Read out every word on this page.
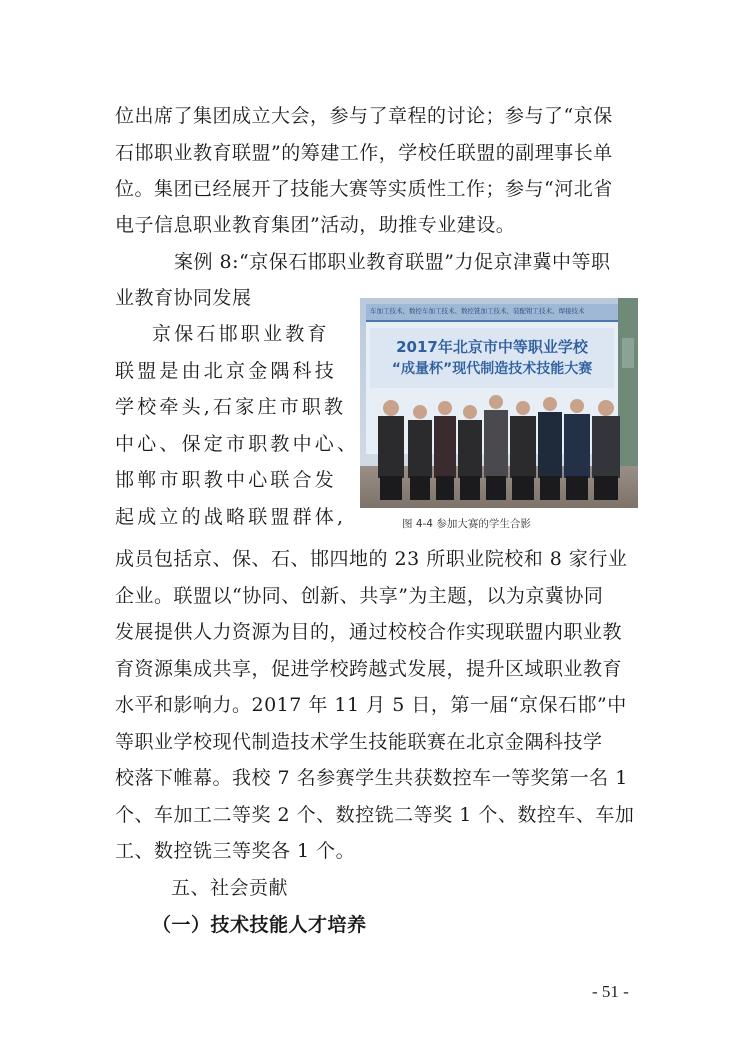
位出席了集团成立大会，参与了章程的讨论；参与了“京保
石邯职业教育联盟”的筹建工作，学校任联盟的副理事长单
位。集团已经展开了技能大赛等实质性工作；参与“河北省
电子信息职业教育集团”活动，助推专业建设。
案例 8:“京保石邯职业教育联盟”力促京津冀中等职
业教育协同发展
京保石邯职业教育
联盟是由北京金隅科技
学校牵头,石家庄市职教
中心、保定市职教中心、
邯郸市职教中心联合发
起成立的战略联盟群体,
车加工技术、数控车加工技术、数控铣加工技术、装配钳工技术、焊接技术
2017年北京市中等职业学校
“成量杯”现代制造技术技能大赛
图 4-4 参加大赛的学生合影
成员包括京、保、石、邯四地的 23 所职业院校和 8 家行业
企业。联盟以“协同、创新、共享”为主题，以为京冀协同
发展提供人力资源为目的，通过校校合作实现联盟内职业教
育资源集成共享，促进学校跨越式发展，提升区域职业教育
水平和影响力。2017 年 11 月 5 日，第一届“京保石邯”中
等职业学校现代制造技术学生技能联赛在北京金隅科技学
校落下帷幕。我校 7 名参赛学生共获数控车一等奖第一名 1
个、车加工二等奖 2 个、数控铣二等奖 1 个、数控车、车加
工、数控铣三等奖各 1 个。
五、社会贡献
（一）技术技能人才培养
- 51 -
